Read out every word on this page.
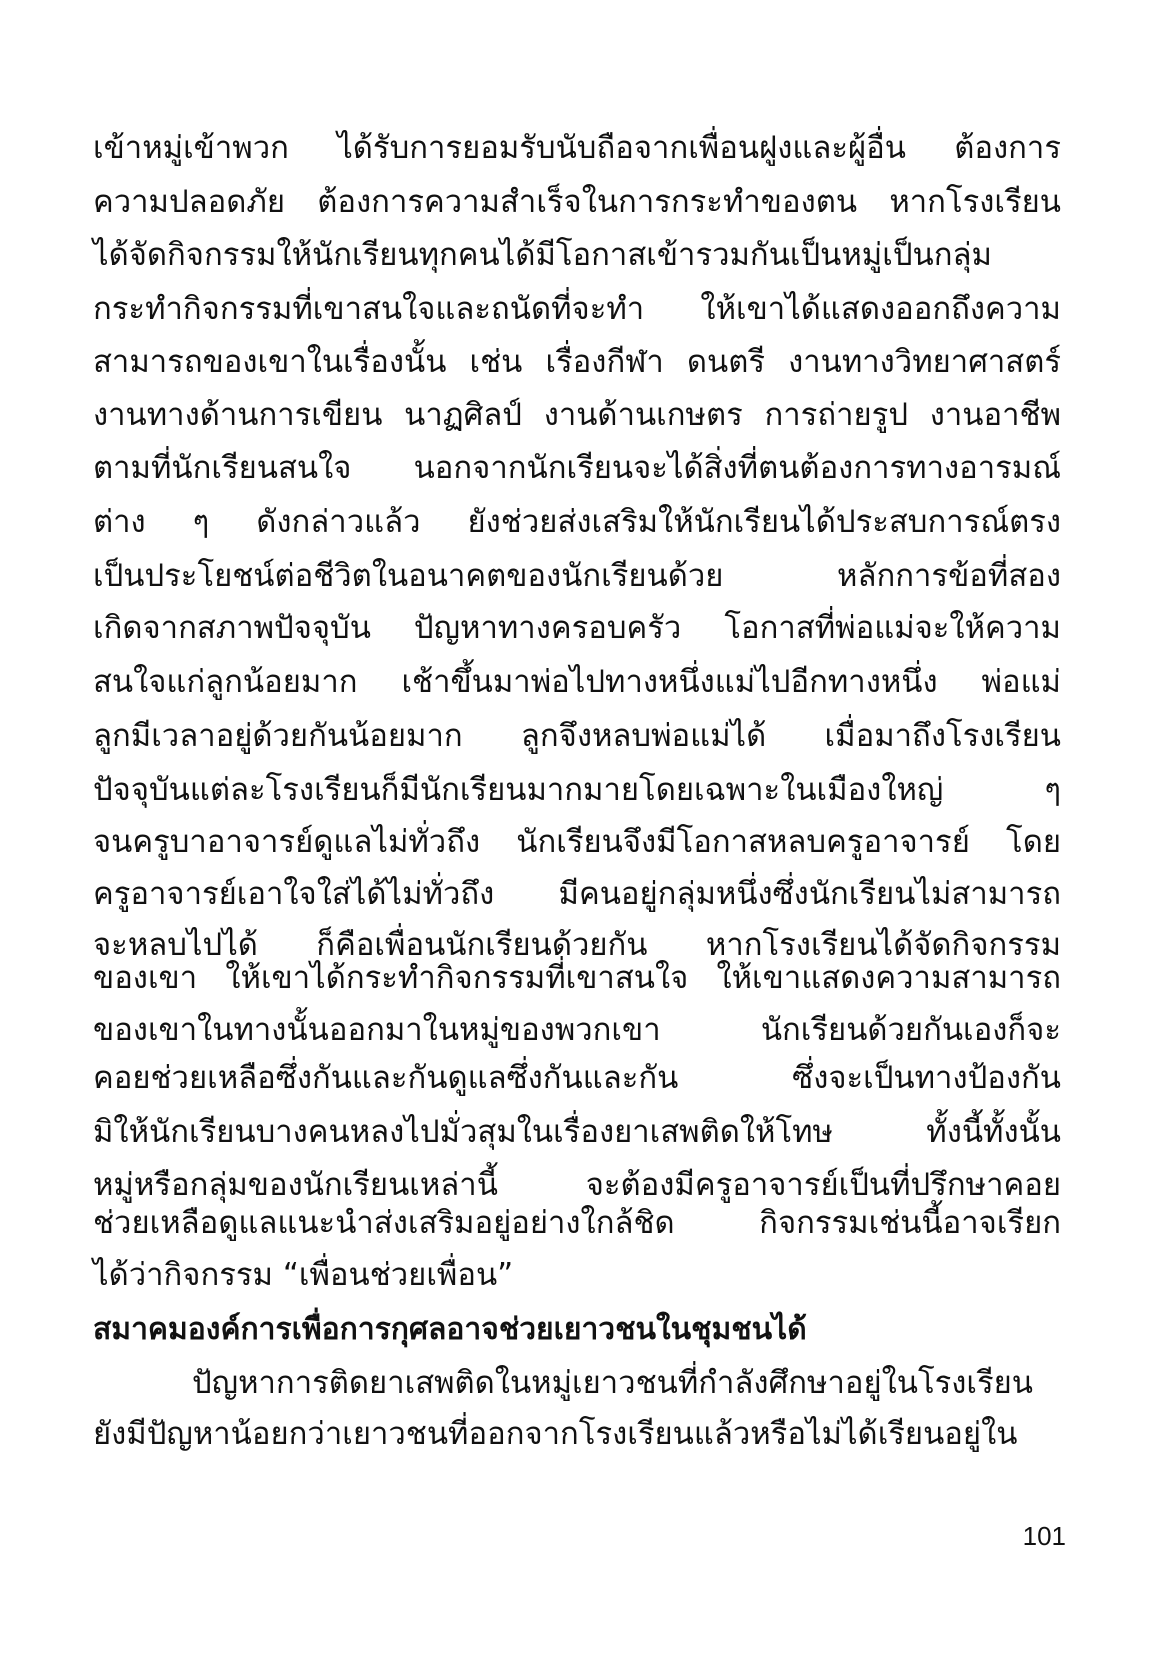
เข้าหมู่เข้าพวก ได้รับการยอมรับนับถือจากเพื่อนฝูงและผู้อื่น ต้องการ
ความปลอดภัย ต้องการความสำเร็จในการกระทำของตน หากโรงเรียน
ได้จัดกิจกรรมให้นักเรียนทุกคนได้มีโอกาสเข้ารวมกันเป็นหมู่เป็นกลุ่ม
กระทำกิจกรรมที่เขาสนใจและถนัดที่จะทำ ให้เขาได้แสดงออกถึงความ
สามารถของเขาในเรื่องนั้น เช่น เรื่องกีฬา ดนตรี งานทางวิทยาศาสตร์
งานทางด้านการเขียน นาฏศิลป์ งานด้านเกษตร การถ่ายรูป งานอาชีพ
ตามที่นักเรียนสนใจ นอกจากนักเรียนจะได้สิ่งที่ตนต้องการทางอารมณ์
ต่าง ๆ ดังกล่าวแล้ว ยังช่วยส่งเสริมให้นักเรียนได้ประสบการณ์ตรง
เป็นประโยชน์ต่อชีวิตในอนาคตของนักเรียนด้วย หลักการข้อที่สอง
เกิดจากสภาพปัจจุบัน ปัญหาทางครอบครัว โอกาสที่พ่อแม่จะให้ความ
สนใจแก่ลูกน้อยมาก เช้าขึ้นมาพ่อไปทางหนึ่งแม่ไปอีกทางหนึ่ง พ่อแม่
ลูกมีเวลาอยู่ด้วยกันน้อยมาก ลูกจึงหลบพ่อแม่ได้ เมื่อมาถึงโรงเรียน
ปัจจุบันแต่ละโรงเรียนก็มีนักเรียนมากมายโดยเฉพาะในเมืองใหญ่ ๆ
จนครูบาอาจารย์ดูแลไม่ทั่วถึง นักเรียนจึงมีโอกาสหลบครูอาจารย์ โดย
ครูอาจารย์เอาใจใส่ได้ไม่ทั่วถึง มีคนอยู่กลุ่มหนึ่งซึ่งนักเรียนไม่สามารถ
จะหลบไปได้ ก็คือเพื่อนนักเรียนด้วยกัน หากโรงเรียนได้จัดกิจกรรม
ของเขา ให้เขาได้กระทำกิจกรรมที่เขาสนใจ ให้เขาแสดงความสามารถ
ของเขาในทางนั้นออกมาในหมู่ของพวกเขา นักเรียนด้วยกันเองก็จะ
คอยช่วยเหลือซึ่งกันและกันดูแลซึ่งกันและกัน ซึ่งจะเป็นทางป้องกัน
มิให้นักเรียนบางคนหลงไปมั่วสุมในเรื่องยาเสพติดให้โทษ ทั้งนี้ทั้งนั้น
หมู่หรือกลุ่มของนักเรียนเหล่านี้ จะต้องมีครูอาจารย์เป็นที่ปรึกษาคอย
ช่วยเหลือดูแลแนะนำส่งเสริมอยู่อย่างใกล้ชิด กิจกรรมเช่นนี้อาจเรียก
ได้ว่ากิจกรรม “เพื่อนช่วยเพื่อน”
สมาคมองค์การเพื่อการกุศลอาจช่วยเยาวชนในชุมชนได้
ปัญหาการติดยาเสพติดในหมู่เยาวชนที่กำลังศึกษาอยู่ในโรงเรียน
ยังมีปัญหาน้อยกว่าเยาวชนที่ออกจากโรงเรียนแล้วหรือไม่ได้เรียนอยู่ใน
101
